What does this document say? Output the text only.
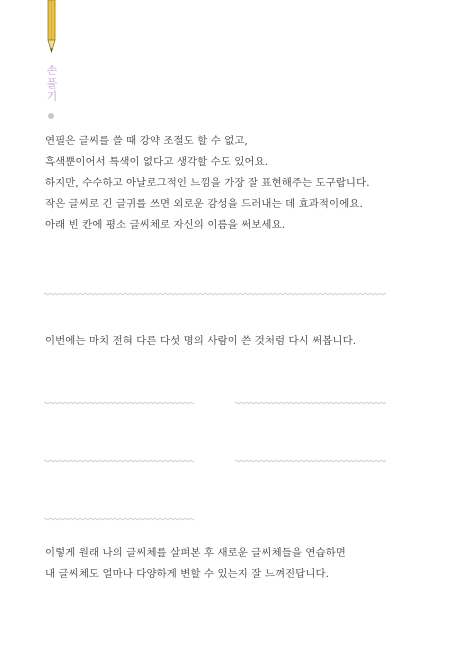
손
풀
기

연필은 글씨를 쓸 때 강약 조절도 할 수 없고,
흑색뿐이어서 특색이 없다고 생각할 수도 있어요.
하지만, 수수하고 아날로그적인 느낌을 가장 잘 표현해주는 도구랍니다.
작은 글씨로 긴 글귀를 쓰면 외로운 감성을 드러내는 데 효과적이에요.
아래 빈 칸에 평소 글씨체로 자신의 이름을 써보세요.

이번에는 마치 전혀 다른 다섯 명의 사람이 쓴 것처럼 다시 써봅니다.

이렇게 원래 나의 글씨체를 살펴본 후 새로운 글씨체들을 연습하면
내 글씨체도 얼마나 다양하게 변할 수 있는지 잘 느껴진답니다.
